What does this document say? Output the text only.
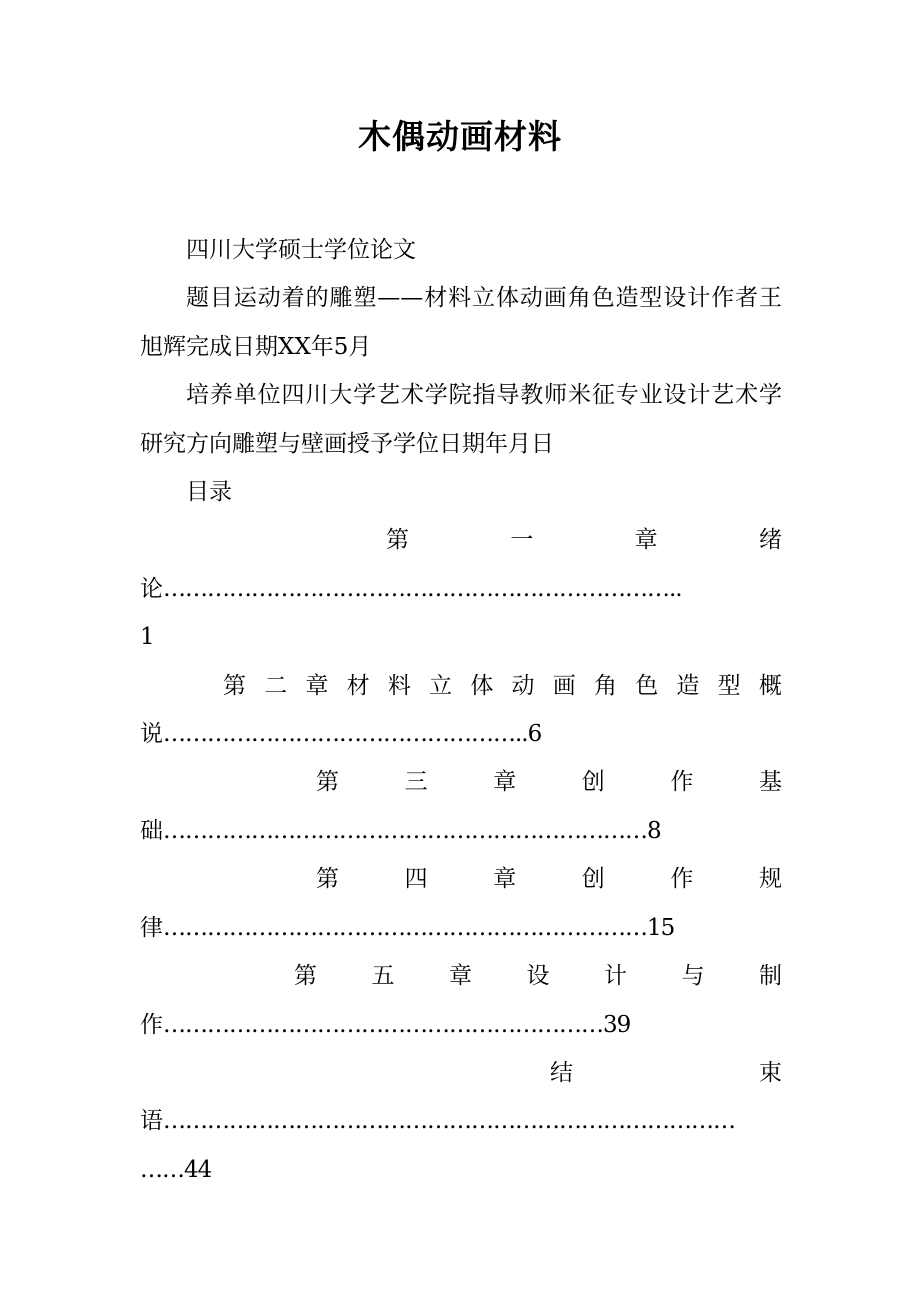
木偶动画材料

四川大学硕士学位论文

题目运动着的雕塑——材料立体动画角色造型设计作者王旭辉完成日期XX年5月

培养单位四川大学艺术学院指导教师米征专业设计艺术学研究方向雕塑与壁画授予学位日期年月日

目录

第	一	章	绪
论……………………………………………………………..
1
第 二 章 材 料 立 体 动 画 角 色 造 型 概
说…………………………………………..6
第	三	章	创	作	基
础…………………………………………………………8
第	四	章	创	作	规
律…………………………………………………………15
第 五 章 设 计 与 制
作……………………………………………………39
结	束
语……………………………………………………………………
……44
